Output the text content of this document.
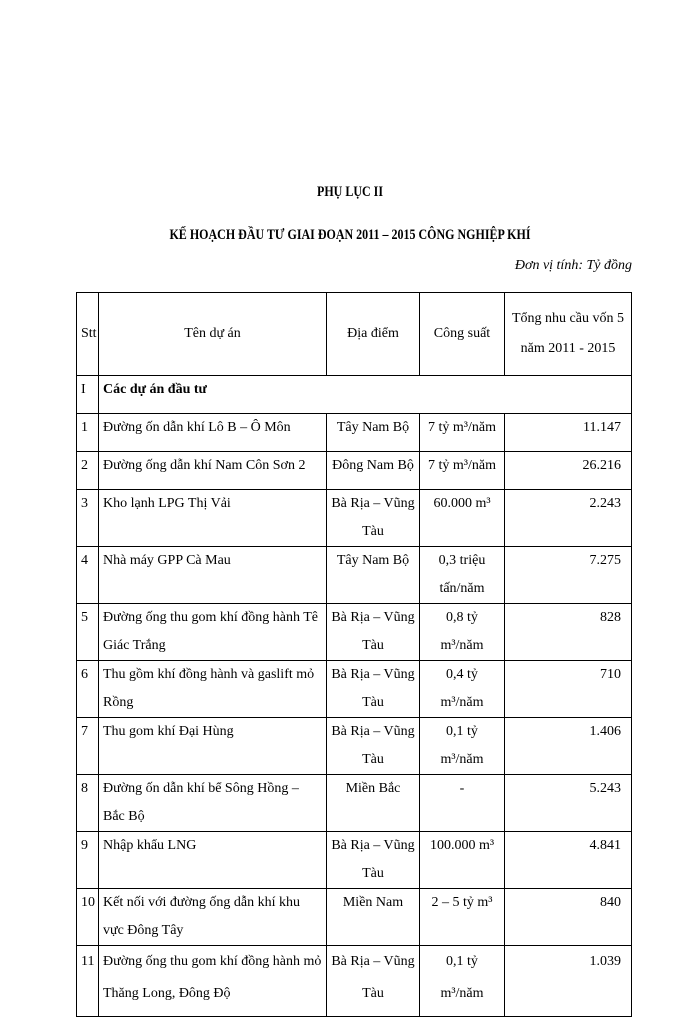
PHỤ LỤC II
KẾ HOẠCH ĐẦU TƯ GIAI ĐOẠN 2011 – 2015 CÔNG NGHIỆP KHÍ
Đơn vị tính: Tỷ đồng
Stt	Tên dự án	Địa điểm	Công suất	Tổng nhu cầu vốn 5 năm 2011 - 2015
I	Các dự án đầu tư			
1	Đường ốn dẫn khí Lô B – Ô Môn	Tây Nam Bộ	7 tỷ m³/năm	11.147
2	Đường ống dẫn khí Nam Côn Sơn 2	Đông Nam Bộ	7 tỷ m³/năm	26.216
3	Kho lạnh LPG Thị Vải	Bà Rịa – Vũng Tàu	60.000 m³	2.243
4	Nhà máy GPP Cà Mau	Tây Nam Bộ	0,3 triệu tấn/năm	7.275
5	Đường ống thu gom khí đồng hành Tê Giác Trắng	Bà Rịa – Vũng Tàu	0,8 tỷ m³/năm	828
6	Thu gồm khí đồng hành và gaslift mỏ Rồng	Bà Rịa – Vũng Tàu	0,4 tỷ m³/năm	710
7	Thu gom khí Đại Hùng	Bà Rịa – Vũng Tàu	0,1 tỷ m³/năm	1.406
8	Đường ốn dẫn khí bể Sông Hồng – Bắc Bộ	Miền Bắc	-	5.243
9	Nhập khẩu LNG	Bà Rịa – Vũng Tàu	100.000 m³	4.841
10	Kết nối với đường ống dẫn khí khu vực Đông Tây	Miền Nam	2 – 5 tỷ m³	840
11	Đường ống thu gom khí đồng hành mỏ Thăng Long, Đông Độ	Bà Rịa – Vũng Tàu	0,1 tỷ m³/năm	1.039
